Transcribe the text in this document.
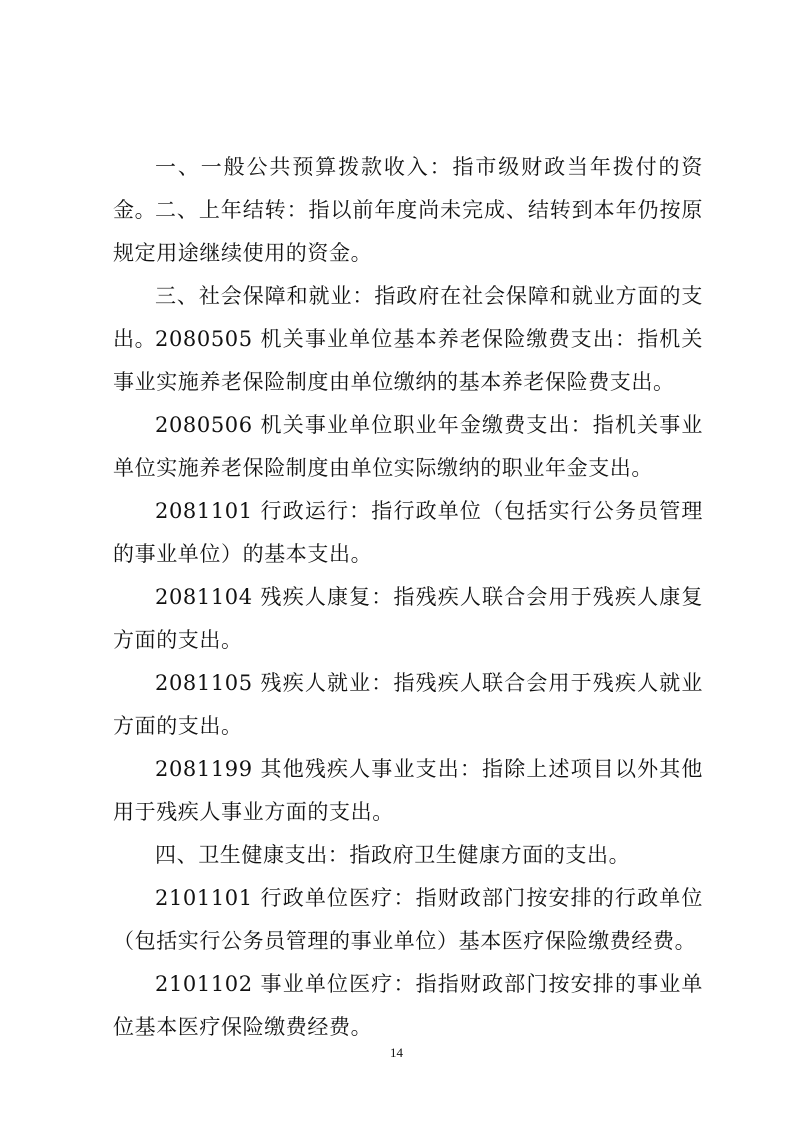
一、一般公共预算拨款收入：指市级财政当年拨付的资金。

二、上年结转：指以前年度尚未完成、结转到本年仍按原规定用途继续使用的资金。

三、社会保障和就业：指政府在社会保障和就业方面的支出。

2080505 机关事业单位基本养老保险缴费支出：指机关事业实施养老保险制度由单位缴纳的基本养老保险费支出。

2080506 机关事业单位职业年金缴费支出：指机关事业单位实施养老保险制度由单位实际缴纳的职业年金支出。

2081101 行政运行：指行政单位（包括实行公务员管理的事业单位）的基本支出。

2081104 残疾人康复：指残疾人联合会用于残疾人康复方面的支出。

2081105 残疾人就业：指残疾人联合会用于残疾人就业方面的支出。

2081199 其他残疾人事业支出：指除上述项目以外其他用于残疾人事业方面的支出。

四、卫生健康支出：指政府卫生健康方面的支出。

2101101 行政单位医疗：指财政部门按安排的行政单位（包括实行公务员管理的事业单位）基本医疗保险缴费经费。

2101102 事业单位医疗：指指财政部门按安排的事业单位基本医疗保险缴费经费。

14
